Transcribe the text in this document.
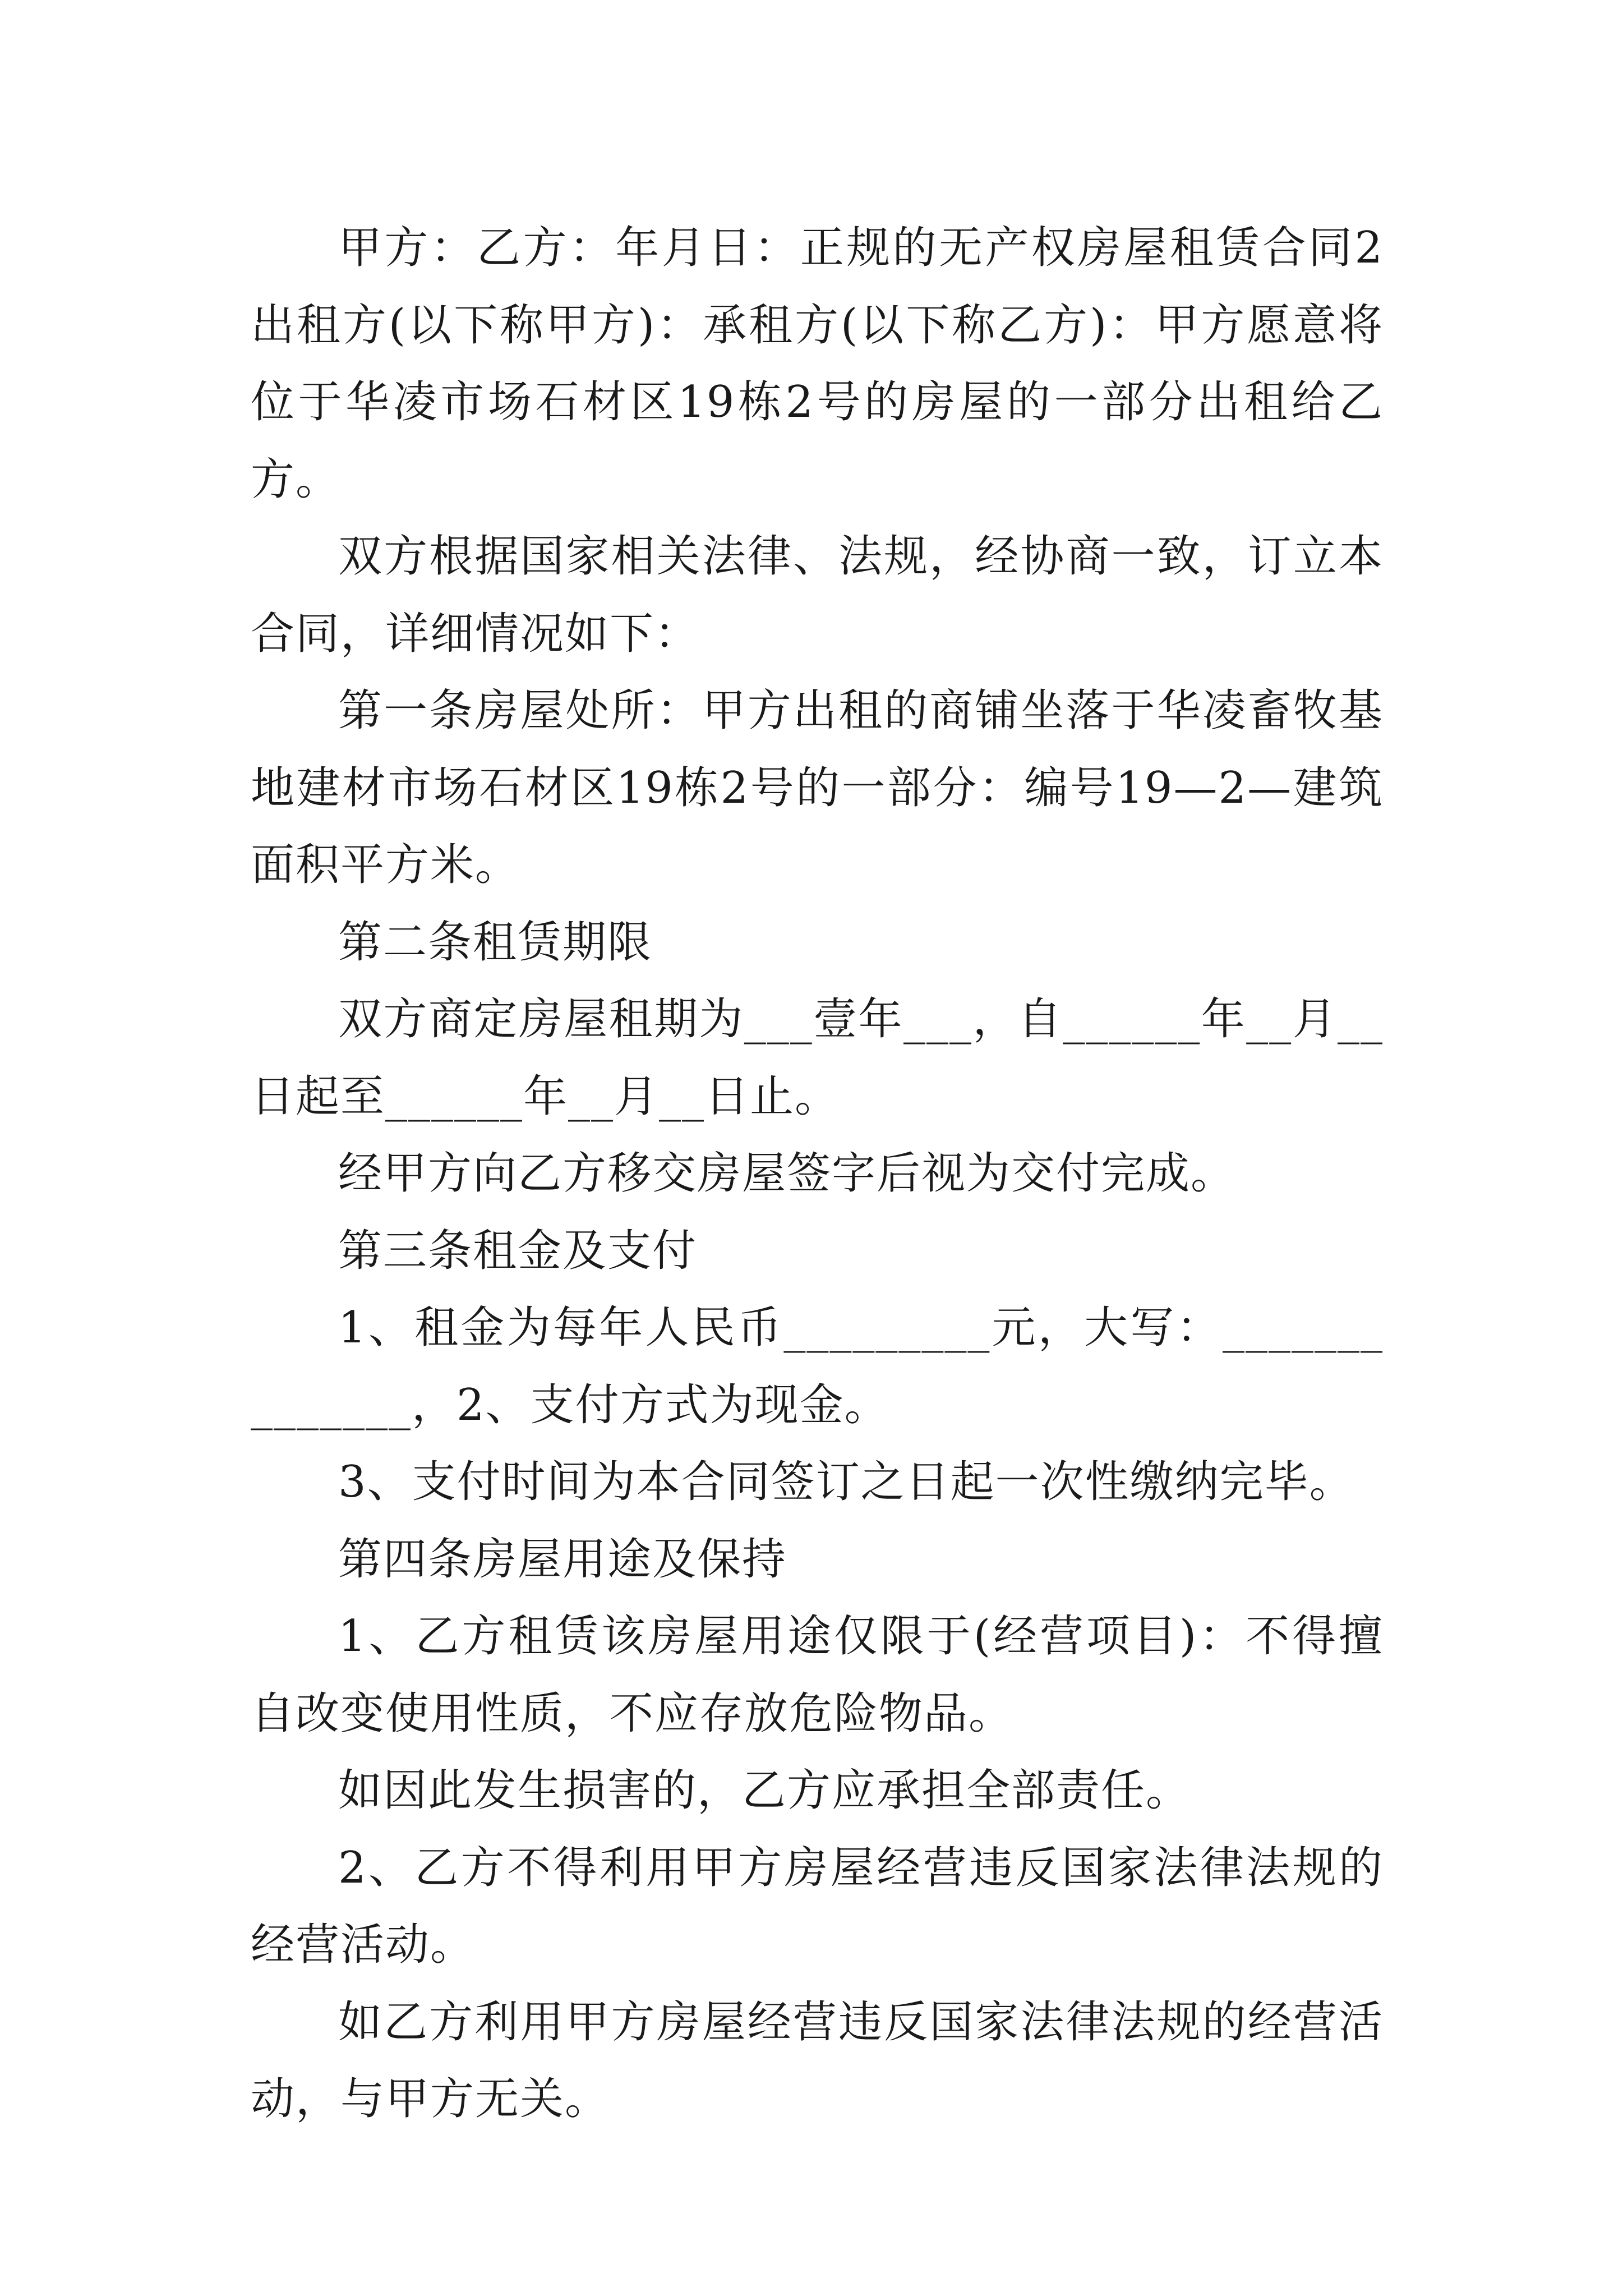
甲方：乙方：年月日：正规的无产权房屋租赁合同2出租方(以下称甲方)：承租方(以下称乙方)：甲方愿意将位于华凌市场石材区19栋2号的房屋的一部分出租给乙方。

双方根据国家相关法律、法规，经协商一致，订立本合同，详细情况如下：

第一条房屋处所：甲方出租的商铺坐落于华凌畜牧基地建材市场石材区19栋2号的一部分：编号19—2—建筑面积平方米。

第二条租赁期限

双方商定房屋租期为___壹年___，自______年__月__日起至______年__月__日止。

经甲方向乙方移交房屋签字后视为交付完成。

第三条租金及支付

1、租金为每年人民币_________元，大写：______________，2、支付方式为现金。

3、支付时间为本合同签订之日起一次性缴纳完毕。

第四条房屋用途及保持

1、乙方租赁该房屋用途仅限于(经营项目)：不得擅自改变使用性质，不应存放危险物品。

如因此发生损害的，乙方应承担全部责任。

2、乙方不得利用甲方房屋经营违反国家法律法规的经营活动。

如乙方利用甲方房屋经营违反国家法律法规的经营活动，与甲方无关。
